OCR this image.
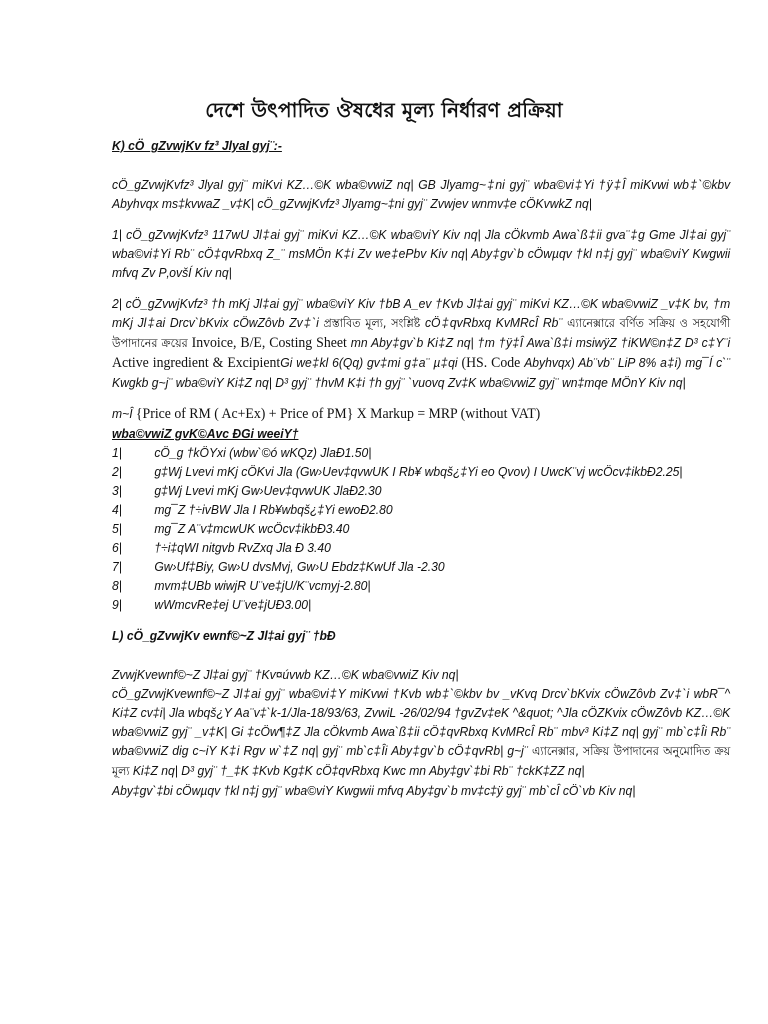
দেশে উৎপাদিত ঔষধের মূল্য নির্ধারণ প্রক্রিয়া

K) cÖ_gZvwjKv fz³ JlyaI gyj¨:-

cÖ_gZvwjKvfz³ JlyaI gyj¨ miKvi KZ…©K wba©vwiZ nq| GB Jlyamg~‡ni gyj¨ wba©vi‡Yi †ÿ‡Î miKvwi wb‡`©kbv Abyhvqx ms‡kvwaZ _v‡K| cÖ_gZvwjKvfz³ Jlyamg~‡ni gyj¨ Zvwjev wnmv‡e cÖKvwkZ nq|

1| cÖ_gZvwjKvfz³ 117wU Jl‡ai gyj¨ miKvi KZ…©K wba©viY Kiv nq| Jla cÖkvmb Awa`ß‡ii gva¨‡g Gme Jl‡ai gyj¨ wba©vi‡Yi Rb¨ cÖ‡qvRbxq Z_¨ msMÖn K‡i Zv we‡ePbv Kiv nq| Aby‡gv`b cÖwµqv †kl n‡j gyj¨ wba©viY Kwgwii mfvq Zv P‚ovšÍ Kiv nq|

2| cÖ_gZvwjKvfz³ †h mKj Jl‡ai gyj¨ wba©viY Kiv †bB A_ev †Kvb Jl‡ai gyj¨ miKvi KZ…©K wba©vwiZ _v‡K bv, †m mKj Jl‡ai Drcv`bKvix cÖwZôvb Zv‡`i প্রস্তাবিত মূল্য, সংশ্লিষ্ট cÖ‡qvRbxq KvMRcÎ Rb¨ এ্যানেক্সারে বর্ণিত সক্রিয় ও সহযোগী উপাদানের ক্রয়ের Invoice, B/E, Costing Sheet mn Aby‡gv`b Ki‡Z nq| †m †ÿ‡Î Awa`ß‡i msiwÿZ †iKW©n‡Z D³ c‡Y¨i Active ingredient & ExcipientGi we‡kl 6(Qq) gv‡mi g‡a¨ µ‡qi (HS. Code Abyhvqx) Ab¨vb¨ LiP 8% a‡i) mg¯Í c`¨ Kwgkb g~j¨ wba©viY Ki‡Z nq| D³ gyj¨ †hvM K‡i †h gyj¨ `vuovq Zv‡K wba©vwiZ gyj¨ wn‡mqe MÖnY Kiv nq|

m~Î {Price of RM ( Ac+Ex) + Price of PM} X Markup = MRP (without VAT)

wba©vwiZ gvK©Avc ÐGi weeiY†

1|	cÖ_g †kÖYxi (wbw`©ó wKQz) JlaÐ1.50|
2|	g‡Wj Lvevi mKj cÖKvi Jla (Gw›Uev‡qvwUK I Rb¥ wbqš¿‡Yi eo Qvov) I UwcK¨vj wcÖcv‡ikbÐ2.25|
3|	g‡Wj Lvevi mKj Gw›Uev‡qvwUK JlaÐ2.30
4|	mg¯Z †÷ivBW Jla I Rb¥wbqš¿‡Yi ewoÐ2.80
5|	mg¯Z A¨v‡mcwUK wcÖcv‡ikbÐ3.40
6|	†÷i‡qWI nitgvb RvZxq Jla Ð 3.40
7|	Gw›Uf‡Biy, Gw›U dvsMvj, Gw›U Ebdz‡KwUf Jla -2.30
8|	mvm‡UBb wiwjR U¨ve‡jU/K¨vcmyj-2.80|
9|	wWmcvRe‡ej U¨ve‡jUÐ3.00|

L) cÖ_gZvwjKv ewnf©~Z Jl‡ai gyj¨ †bÐ

ZvwjKvewnf©~Z Jl‡ai gyj¨ †Kv¤úvwb KZ…©K wba©vwiZ Kiv nq|

cÖ_gZvwjKvewnf©~Z Jl‡ai gyj¨ wba©vi‡Y miKvwi †Kvb wb‡`©kbv bv _vKvq Drcv`bKvix cÖwZôvb Zv‡`i wbR¯^ Ki‡Z cv‡i| Jla wbqš¿Y Aa¨v‡`k-1/Jla-18/93/63, ZvwiL -26/02/94 †gvZv‡eK ^&quot; ^Jla cÖZKvix cÖwZôvb KZ…©K wba©vwiZ gyj¨ _v‡K| Gi ‡cÖw¶‡Z Jla cÖkvmb Awa`ß‡ii cÖ‡qvRbxq KvMRcÎ Rb¨ mbv³ Ki‡Z nq| gyj¨ mb`c‡Îi Rb¨ wba©vwiZ dig c~iY K‡i Rgv w`‡Z nq| gyj¨ mb`c‡Îi Aby‡gv`b cÖ‡qvRb| g~j¨ এ্যানেক্সার, সক্রিয় উপাদানের অনুমোদিত ক্রয় মূল্য Ki‡Z nq| D³ gyj¨ †_‡K ‡Kvb Kg‡K cÖ‡qvRbxq Kwc mn Aby‡gv`‡bi Rb¨ †ckK‡ZZ nq|

Aby‡gv`‡bi cÖwµqv †kl n‡j gyj¨ wba©viY Kwgwii mfvq Aby‡gv`b mv‡c‡ÿ gyj¨ mb`cÎ cÖ`vb Kiv nq|
